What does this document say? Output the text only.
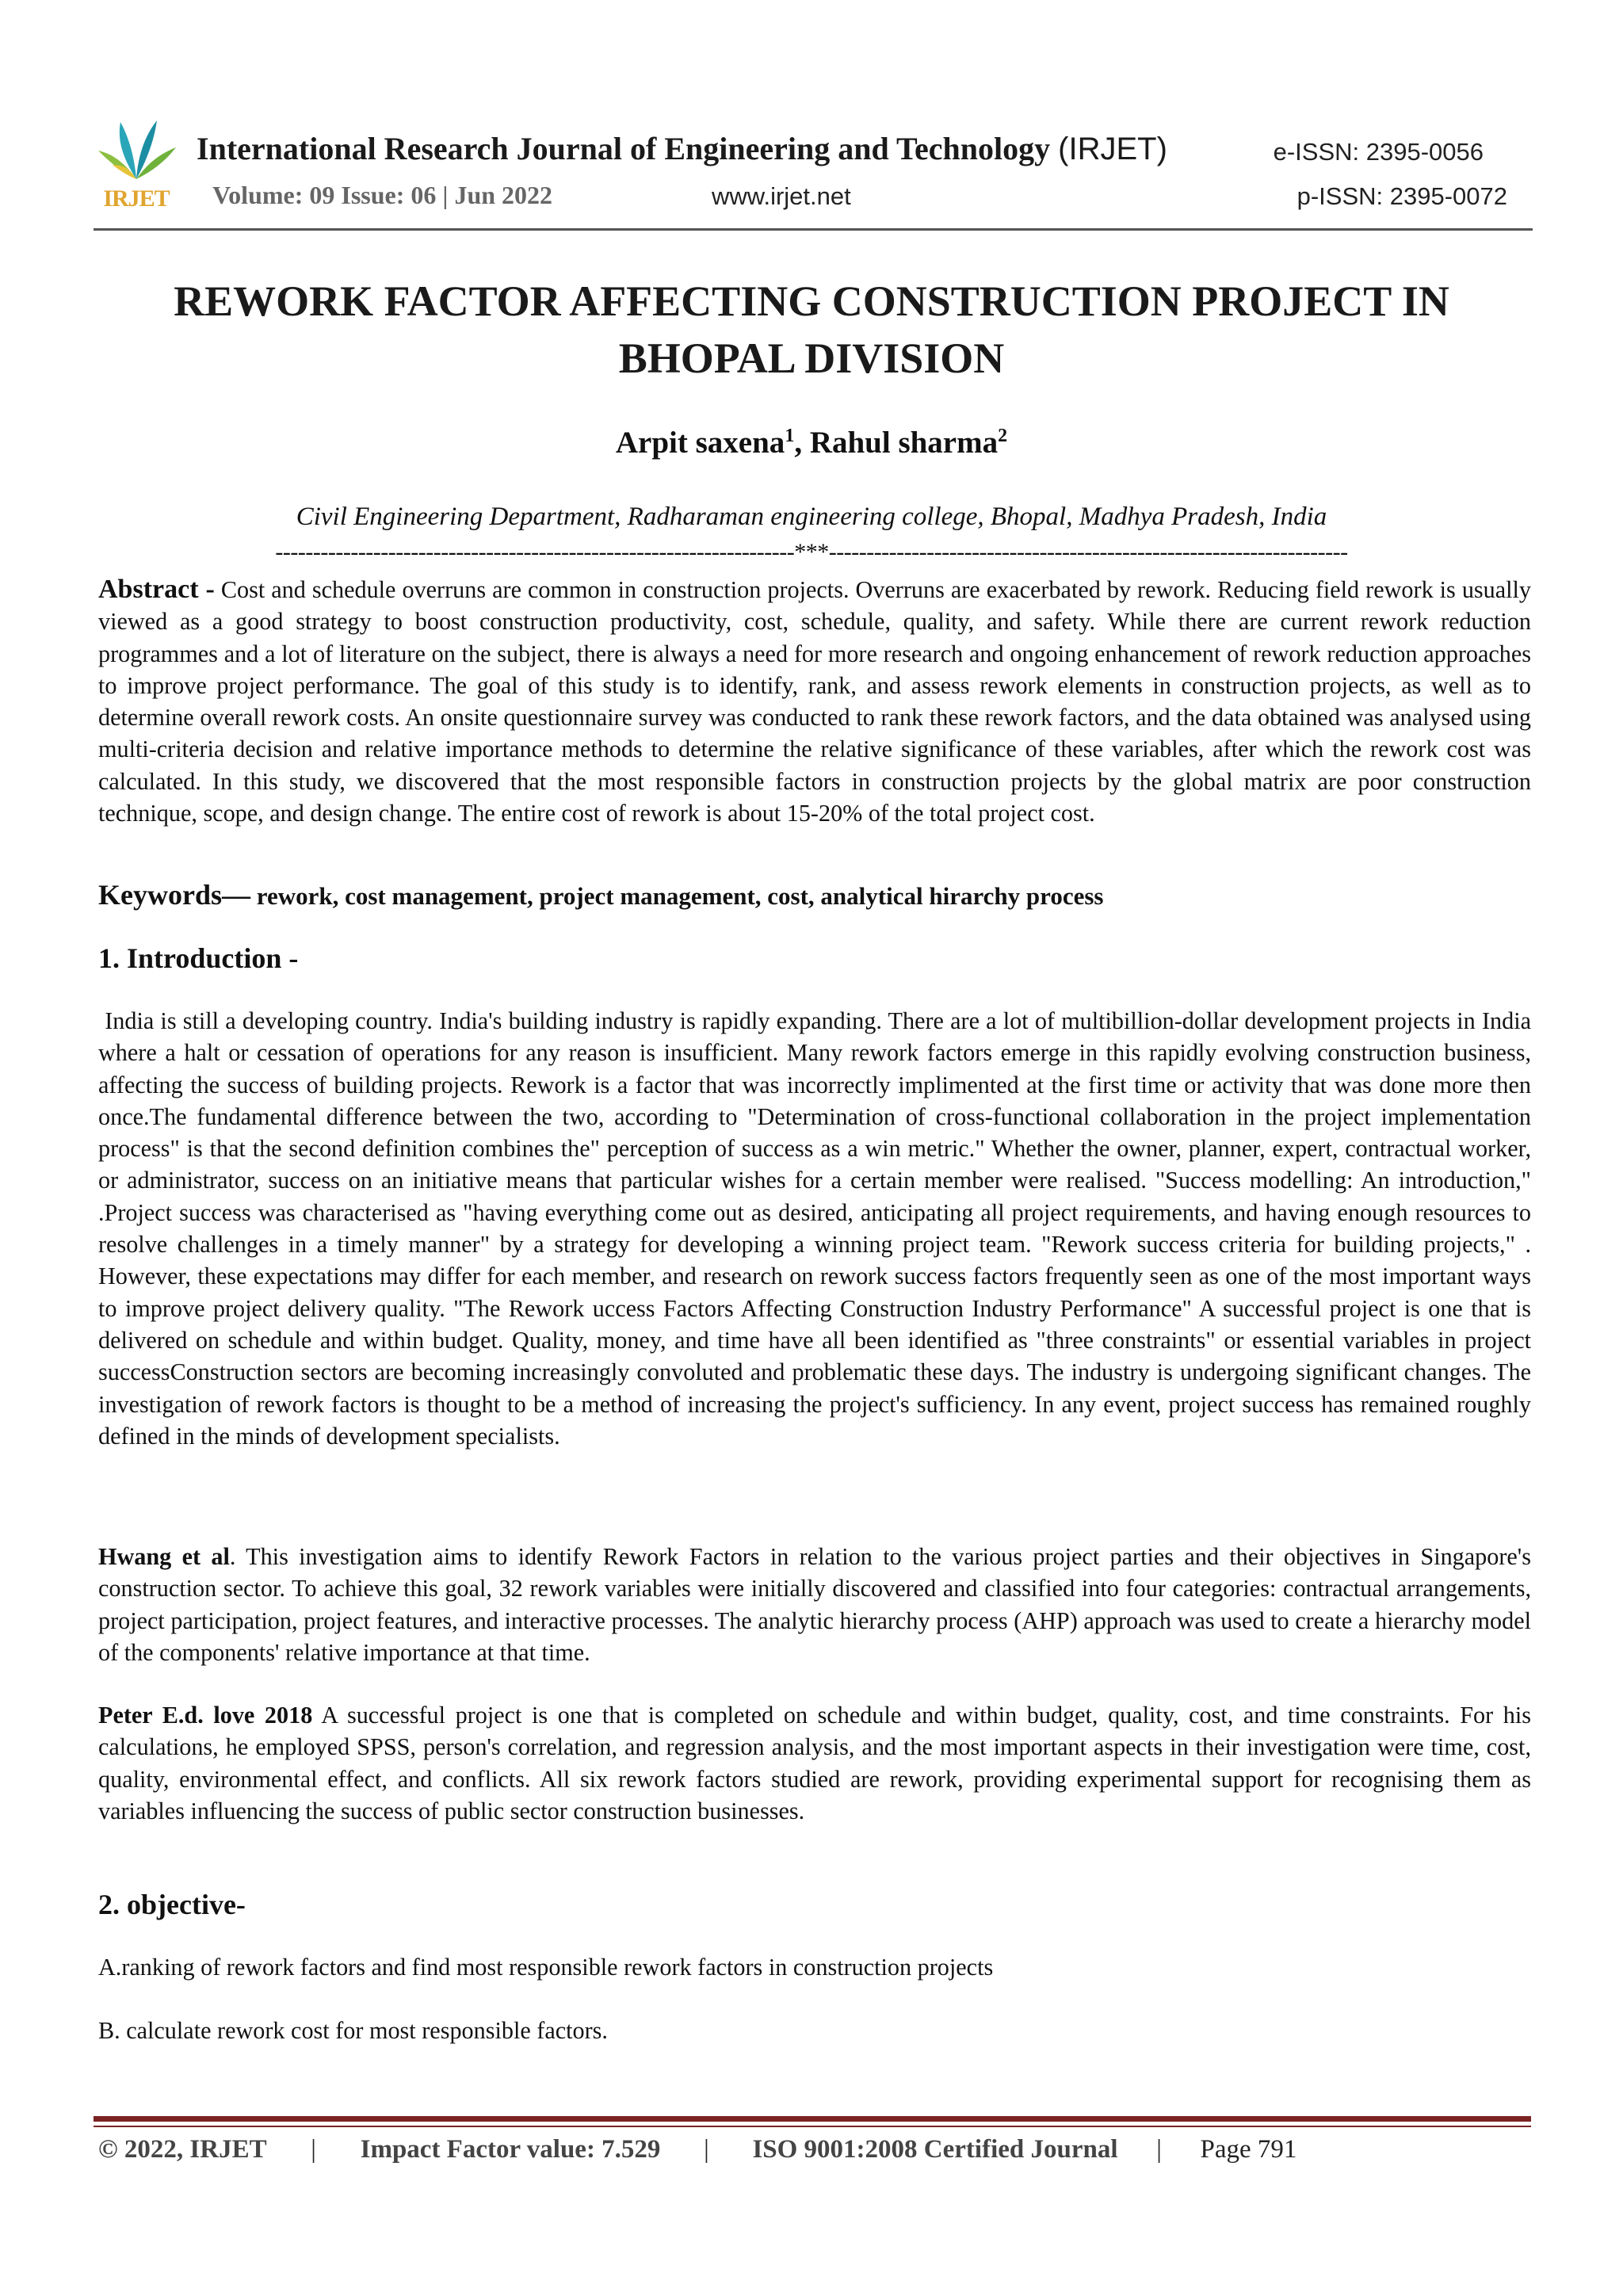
IRJET
International Research Journal of Engineering and Technology (IRJET)
Volume: 09 Issue: 06 | Jun 2022	www.irjet.net
e-ISSN: 2395-0056
p-ISSN: 2395-0072
REWORK FACTOR AFFECTING CONSTRUCTION PROJECT IN BHOPAL DIVISION
Arpit saxena$^1$, Rahul sharma$^2$
Civil Engineering Department, Radharaman engineering college, Bhopal, Madhya Pradesh, India
---------------------------------------------------------------------***---------------------------------------------------------------------

Abstract - Cost and schedule overruns are common in construction projects. Overruns are exacerbated by rework. Reducing field rework is usually viewed as a good strategy to boost construction productivity, cost, schedule, quality, and safety. While there are current rework reduction programmes and a lot of literature on the subject, there is always a need for more research and ongoing enhancement of rework reduction approaches to improve project performance. The goal of this study is to identify, rank, and assess rework elements in construction projects, as well as to determine overall rework costs. An onsite questionnaire survey was conducted to rank these rework factors, and the data obtained was analysed using multi-criteria decision and relative importance methods to determine the relative significance of these variables, after which the rework cost was calculated. In this study, we discovered that the most responsible factors in construction projects by the global matrix are poor construction technique, scope, and design change. The entire cost of rework is about 15-20% of the total project cost.

Keywords— rework, cost management, project management, cost, analytical hirarchy process
1. Introduction -

India is still a developing country. India's building industry is rapidly expanding. There are a lot of multibillion-dollar development projects in India where a halt or cessation of operations for any reason is insufficient. Many rework factors emerge in this rapidly evolving construction business, affecting the success of building projects. Rework is a factor that was incorrectly implimented at the first time or activity that was done more then once.The fundamental difference between the two, according to "Determination of cross-functional collaboration in the project implementation process" is that the second definition combines the" perception of success as a win metric." Whether the owner, planner, expert, contractual worker, or administrator, success on an initiative means that particular wishes for a certain member were realised. "Success modelling: An introduction," .Project success was characterised as "having everything come out as desired, anticipating all project requirements, and having enough resources to resolve challenges in a timely manner" by a strategy for developing a winning project team. "Rework success criteria for building projects," . However, these expectations may differ for each member, and research on rework success factors frequently seen as one of the most important ways to improve project delivery quality. "The Rework uccess Factors Affecting Construction Industry Performance" A successful project is one that is delivered on schedule and within budget. Quality, money, and time have all been identified as "three constraints" or essential variables in project successConstruction sectors are becoming increasingly convoluted and problematic these days. The industry is undergoing significant changes. The investigation of rework factors is thought to be a method of increasing the project's sufficiency. In any event, project success has remained roughly defined in the minds of development specialists.

Hwang et al. This investigation aims to identify Rework Factors in relation to the various project parties and their objectives in Singapore's construction sector. To achieve this goal, 32 rework variables were initially discovered and classified into four categories: contractual arrangements, project participation, project features, and interactive processes. The analytic hierarchy process (AHP) approach was used to create a hierarchy model of the components' relative importance at that time.

Peter E.d. love 2018 A successful project is one that is completed on schedule and within budget, quality, cost, and time constraints. For his calculations, he employed SPSS, person's correlation, and regression analysis, and the most important aspects in their investigation were time, cost, quality, environmental effect, and conflicts. All six rework factors studied are rework, providing experimental support for recognising them as variables influencing the success of public sector construction businesses.

2. objective-

A.ranking of rework factors and find most responsible rework factors in construction projects

B. calculate rework cost for most responsible factors.

© 2022, IRJET | Impact Factor value: 7.529 | ISO 9001:2008 Certified Journal | Page 791
